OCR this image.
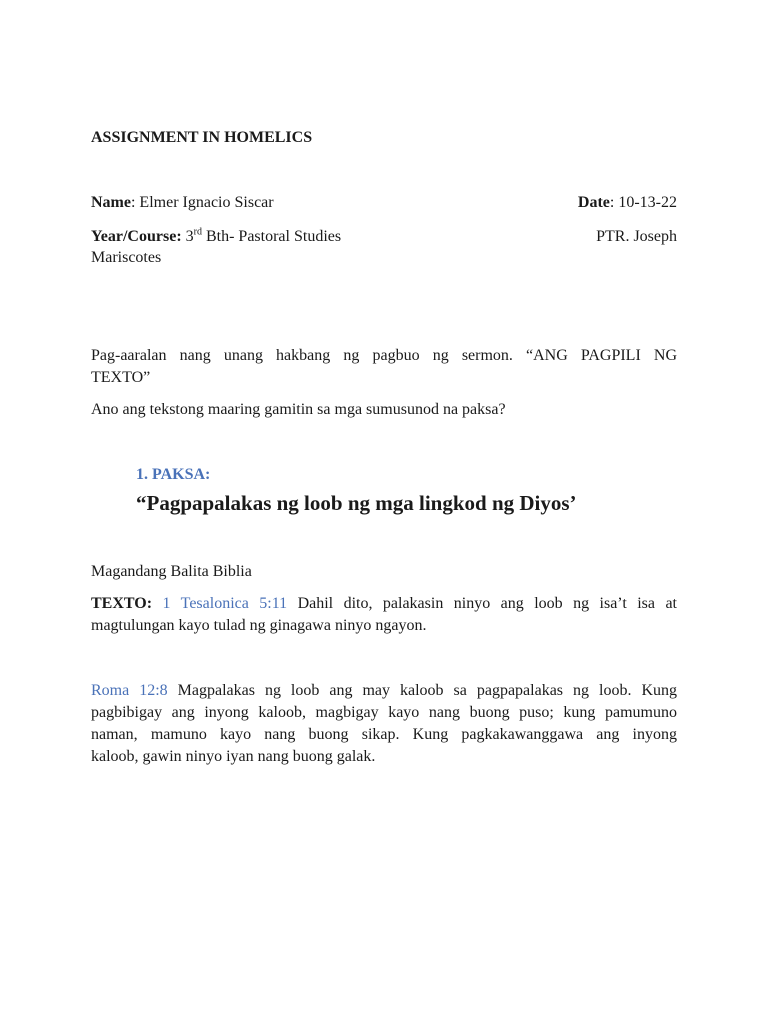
ASSIGNMENT IN HOMELICS
Name: Elmer Ignacio Siscar	Date: 10-13-22
Year/Course: 3rd Bth- Pastoral Studies	PTR. Joseph
Mariscotes
Pag-aaralan nang unang hakbang ng pagbuo ng sermon. “ANG PAGPILI NG
TEXTO”
Ano ang tekstong maaring gamitin sa mga sumusunod na paksa?
1. PAKSA:
“Pagpapalakas ng loob ng mga lingkod ng Diyos’
Magandang Balita Biblia
TEXTO: 1 Tesalonica 5:11 Dahil dito, palakasin ninyo ang loob ng isa’t isa at
magtulungan kayo tulad ng ginagawa ninyo ngayon.
Roma 12:8 Magpalakas ng loob ang may kaloob sa pagpapalakas ng loob. Kung
pagbibigay ang inyong kaloob, magbigay kayo nang buong puso; kung pamumuno
naman, mamuno kayo nang buong sikap. Kung pagkakawanggawa ang inyong
kaloob, gawin ninyo iyan nang buong galak.
